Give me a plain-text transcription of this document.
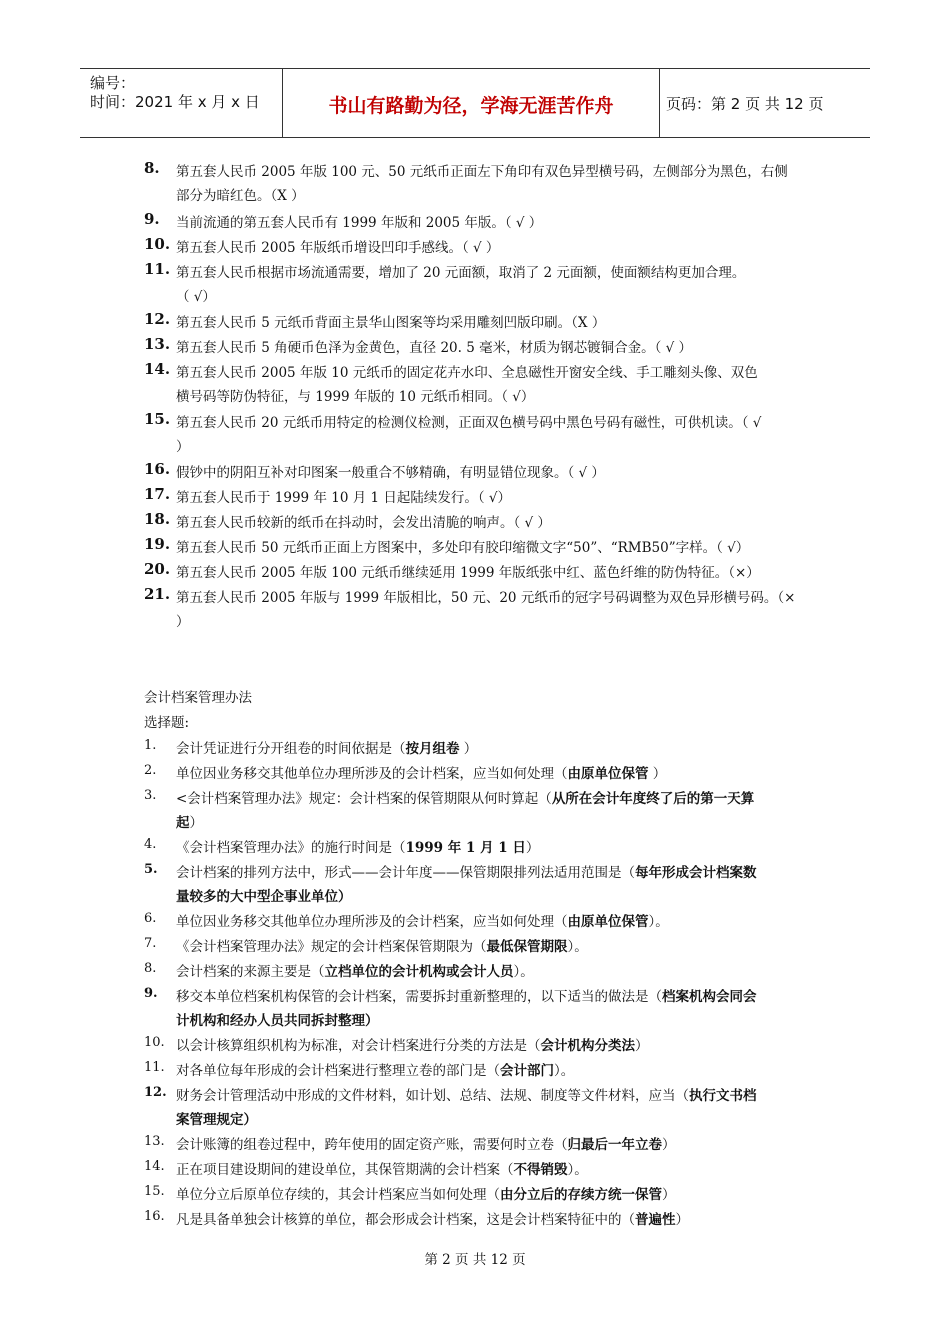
编号：
时间：2021 年 x 月 x 日	书山有路勤为径，学海无涯苦作舟	页码：第 2 页 共 12 页
8. 第五套人民币 2005 年版 100 元、50 元纸币正面左下角印有双色异型横号码，左侧部分为黑色，右侧
部分为暗红色。（X ）
9. 当前流通的第五套人民币有 1999 年版和 2005 年版。（ √ ）
10. 第五套人民币 2005 年版纸币增设凹印手感线。（ √ ）
11. 第五套人民币根据市场流通需要，增加了 20 元面额，取消了 2 元面额，使面额结构更加合理。
（ √）
12. 第五套人民币 5 元纸币背面主景华山图案等均采用雕刻凹版印刷。（X ）
13. 第五套人民币 5 角硬币色泽为金黄色，直径 20. 5 毫米，材质为钢芯镀铜合金。（ √ ）
14. 第五套人民币 2005 年版 10 元纸币的固定花卉水印、全息磁性开窗安全线、手工雕刻头像、双色
横号码等防伪特征，与 1999 年版的 10 元纸币相同。（ √）
15. 第五套人民币 20 元纸币用特定的检测仪检测，正面双色横号码中黑色号码有磁性，可供机读。（ √
）
16. 假钞中的阴阳互补对印图案一般重合不够精确，有明显错位现象。（ √ ）
17. 第五套人民币于 1999 年 10 月 1 日起陆续发行。（ √）
18. 第五套人民币较新的纸币在抖动时，会发出清脆的响声。（ √ ）
19. 第五套人民币 50 元纸币正面上方图案中，多处印有胶印缩微文字“50”、“RMB50”字样。（ √）
20. 第五套人民币 2005 年版 100 元纸币继续延用 1999 年版纸张中红、蓝色纤维的防伪特征。（×）
21. 第五套人民币 2005 年版与 1999 年版相比，50 元、20 元纸币的冠字号码调整为双色异形横号码。（×
）
会计档案管理办法
选择题:
1. 会计凭证进行分开组卷的时间依据是（按月组卷 ）
2. 单位因业务移交其他单位办理所涉及的会计档案，应当如何处理（由原单位保管 ）
3. <会计档案管理办法》规定：会计档案的保管期限从何时算起（从所在会计年度终了后的第一天算
起）
4. 《会计档案管理办法》的施行时间是（1999 年 1 月 1 日）
5. 会计档案的排列方法中，形式——会计年度——保管期限排列法适用范围是（每年形成会计档案数
量较多的大中型企事业单位）
6. 单位因业务移交其他单位办理所涉及的会计档案，应当如何处理（由原单位保管）。
7. 《会计档案管理办法》规定的会计档案保管期限为（最低保管期限）。
8. 会计档案的来源主要是（立档单位的会计机构或会计人员）。
9. 移交本单位档案机构保管的会计档案，需要拆封重新整理的，以下适当的做法是（档案机构会同会
计机构和经办人员共同拆封整理）
10. 以会计核算组织机构为标准，对会计档案进行分类的方法是（会计机构分类法）
11. 对各单位每年形成的会计档案进行整理立卷的部门是（会计部门）。
12. 财务会计管理活动中形成的文件材料，如计划、总结、法规、制度等文件材料，应当（执行文书档
案管理规定）
13. 会计账簿的组卷过程中，跨年使用的固定资产账，需要何时立卷（归最后一年立卷）
14. 正在项目建设期间的建设单位，其保管期满的会计档案（不得销毁）。
15. 单位分立后原单位存续的，其会计档案应当如何处理（由分立后的存续方统一保管）
16. 凡是具备单独会计核算的单位，都会形成会计档案，这是会计档案特征中的（普遍性）
第 2 页 共 12 页
